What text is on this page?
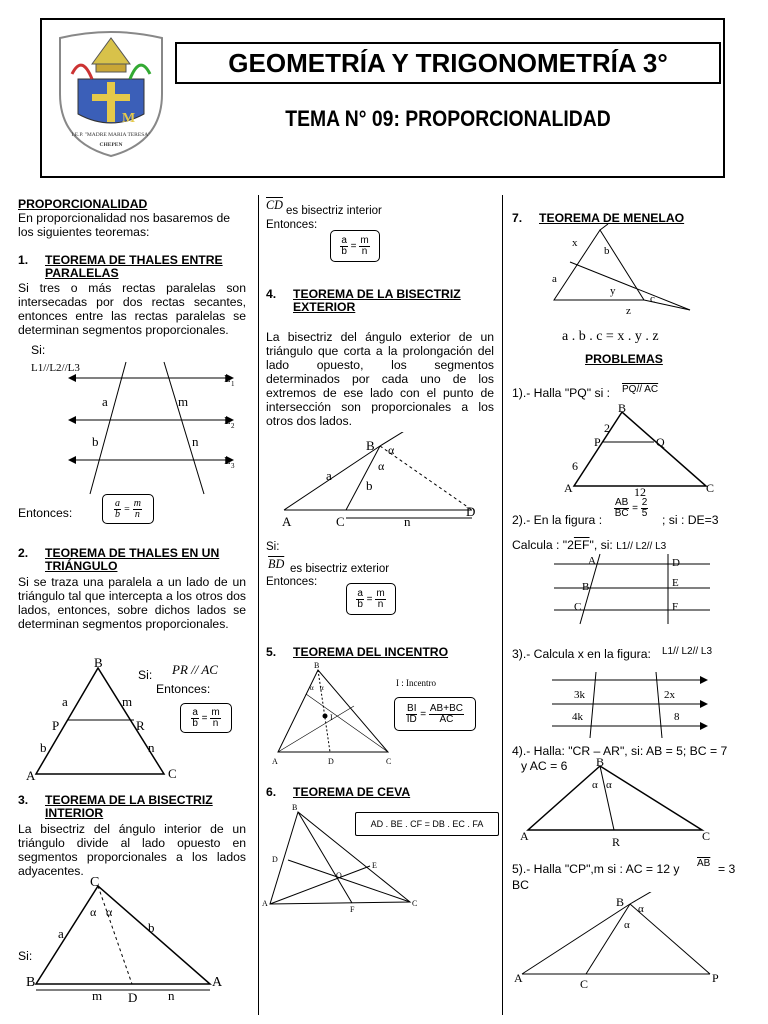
M
I.E.P. "MADRE MARIA TERESA"
CHEPEN
GEOMETRÍA Y TRIGONOMETRÍA 3°
TEMA N° 09: PROPORCIONALIDAD
PROPORCIONALIDAD
En proporcionalidad nos basaremos de los siguientes teoremas:
1. TEOREMA DE THALES ENTRE PARALELAS
Si tres o más rectas paralelas son intersecadas por dos rectas secantes, entonces entre las rectas paralelas se determinan segmentos proporcionales.
Si:
L1//L2//L3
a	m
b	n
L 1
L 2
L 3
Entonces:	$\frac{a}{b} = \frac{m}{n}$
2. TEOREMA DE THALES EN UN TRIÁNGULO
Si se traza una paralela a un lado de un triángulo tal que intercepta a los otros dos lados, entonces, sobre dichos lados se determinan segmentos proporcionales.
B
A	C
P	R
a	m
b	n
Si: PR // AC
Entonces:
$\frac{a}{b} = \frac{m}{n}$
3. TEOREMA DE LA BISECTRIZ INTERIOR
La bisectriz del ángulo interior de un triángulo divide al lado opuesto en segmentos proporcionales a los lados adyacentes.
C
B	A
α α
a	b
m D n
Si:
$\overline{CD}$ es bisectriz interior
Entonces:
$\frac{a}{b} = \frac{m}{n}$
4. TEOREMA DE LA BISECTRIZ EXTERIOR
La bisectriz del ángulo exterior de un triángulo que corta a la prolongación del lado opuesto, los segmentos determinados por cada uno de los extremos de ese lado con el punto de intersección son proporcionales a los otros dos lados.
B
A	C
D
α
α
a
b
n
Si:
$\overline{BD}$ es bisectriz exterior
Entonces:
$\frac{a}{b} = \frac{m}{n}$
5. TEOREMA DEL INCENTRO
B
A	C
D
I
α α	I : Incentro
$\frac{BI}{ID} = \frac{AB+BC}{AC}$
6. TEOREMA DE CEVA
B
A	C
D
E
F
O
AD . BE . CF = DB . EC . FA
7. TEOREMA DE MENELAO
x
b
a
y
z
c
a . b . c = x . y . z
PROBLEMAS
1).- Halla "PQ" si : PQ// AC
B
A	C
P	Q
2
6
12
2).- En la figura :
$\frac{AB}{BC} = \frac{2}{5}$
; si : DE=3
Calcula : "$2\overline{EF}$", si: L1// L2// L3
A
B
C
D
E
F
3).- Calcula x en la figura: L1// L2// L3
3k
4k
2x
8
4).- Halla: "CR – AR", si: AB = 5; BC = 7
y AC = 6 B
A	C
R
α α
5).- Halla "CP",m si : AC = 12 y $\overline{AB} = 3$
BC
B
A	C	P
α
α
